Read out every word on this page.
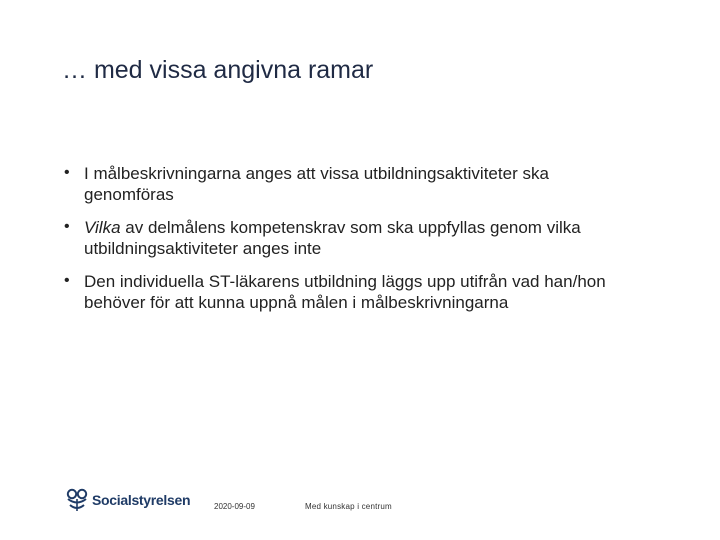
… med vissa angivna ramar
• I målbeskrivningarna anges att vissa utbildningsaktiviteter ska genomföras
• Vilka av delmålens kompetenskrav som ska uppfyllas genom vilka utbildningsaktiviteter anges inte
• Den individuella ST-läkarens utbildning läggs upp utifrån vad han/hon behöver för att kunna uppnå målen i målbeskrivningarna
Socialstyrelsen	2020-09-09	Med kunskap i centrum
